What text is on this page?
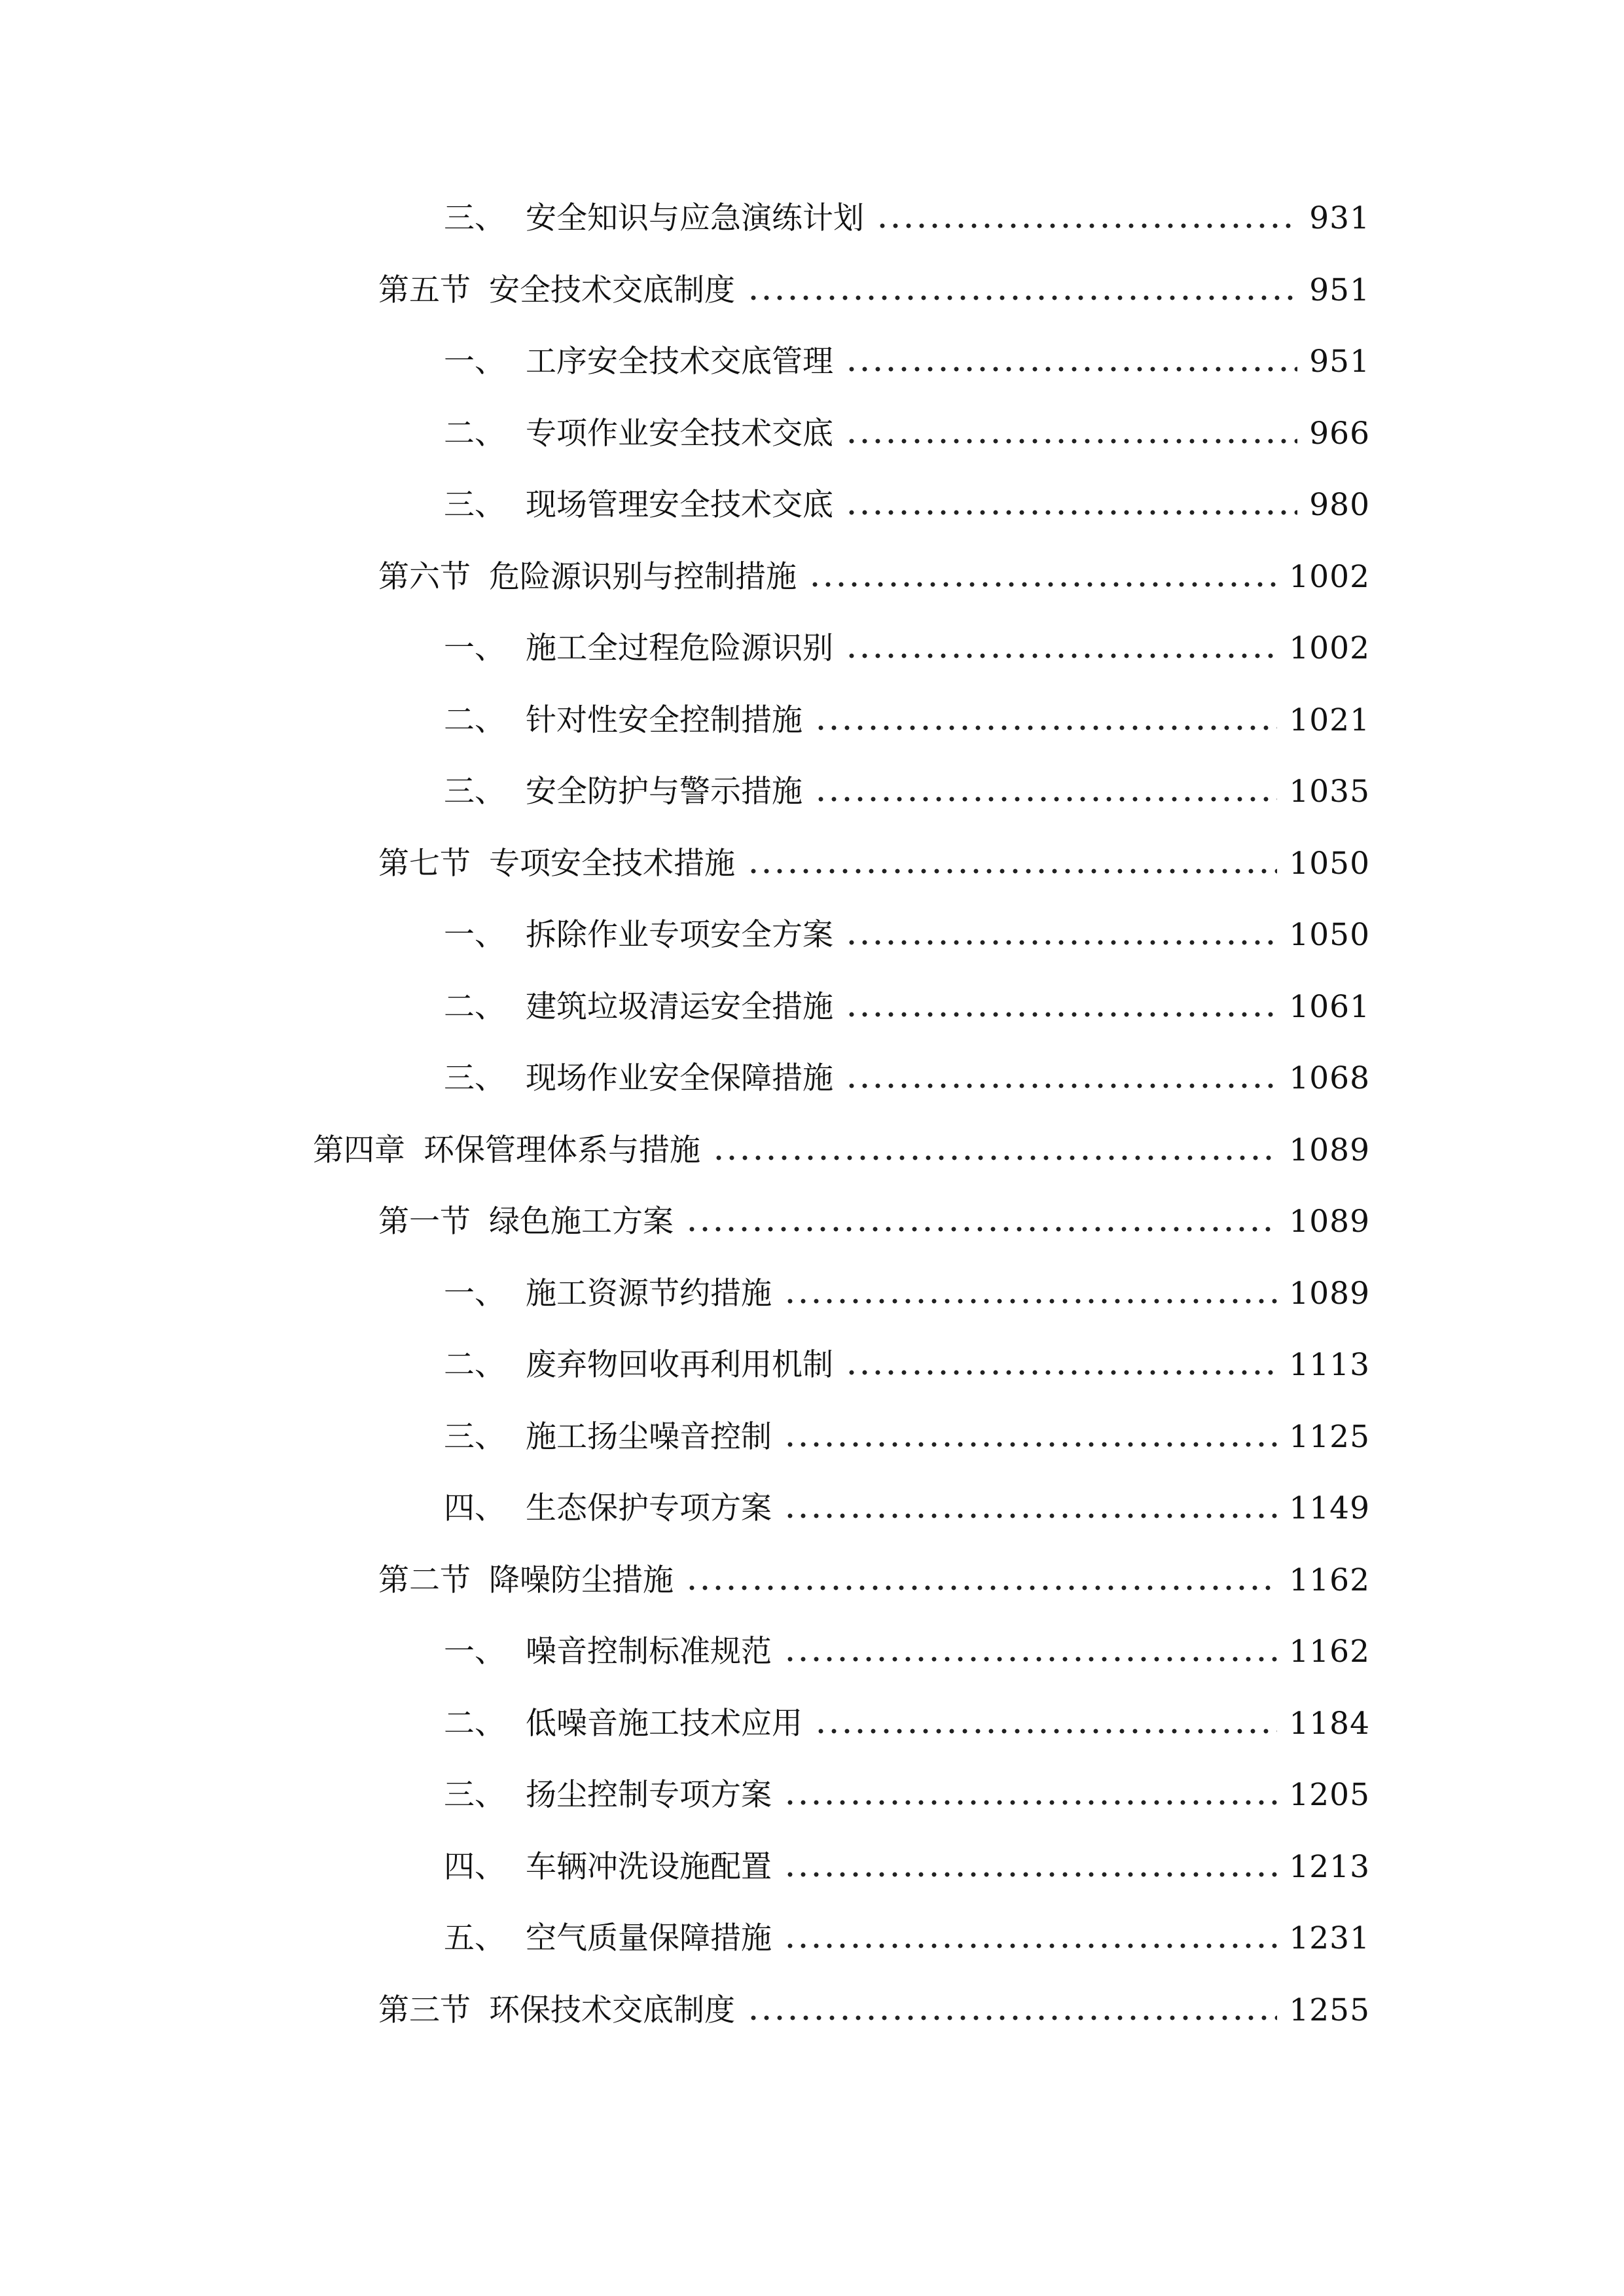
三、 安全知识与应急演练计划	931
第五节 安全技术交底制度	951
一、 工序安全技术交底管理	951
二、 专项作业安全技术交底	966
三、 现场管理安全技术交底	980
第六节 危险源识别与控制措施	1002
一、 施工全过程危险源识别	1002
二、 针对性安全控制措施	1021
三、 安全防护与警示措施	1035
第七节 专项安全技术措施	1050
一、 拆除作业专项安全方案	1050
二、 建筑垃圾清运安全措施	1061
三、 现场作业安全保障措施	1068
第四章 环保管理体系与措施	1089
第一节 绿色施工方案	1089
一、 施工资源节约措施	1089
二、 废弃物回收再利用机制	1113
三、 施工扬尘噪音控制	1125
四、 生态保护专项方案	1149
第二节 降噪防尘措施	1162
一、 噪音控制标准规范	1162
二、 低噪音施工技术应用	1184
三、 扬尘控制专项方案	1205
四、 车辆冲洗设施配置	1213
五、 空气质量保障措施	1231
第三节 环保技术交底制度	1255
